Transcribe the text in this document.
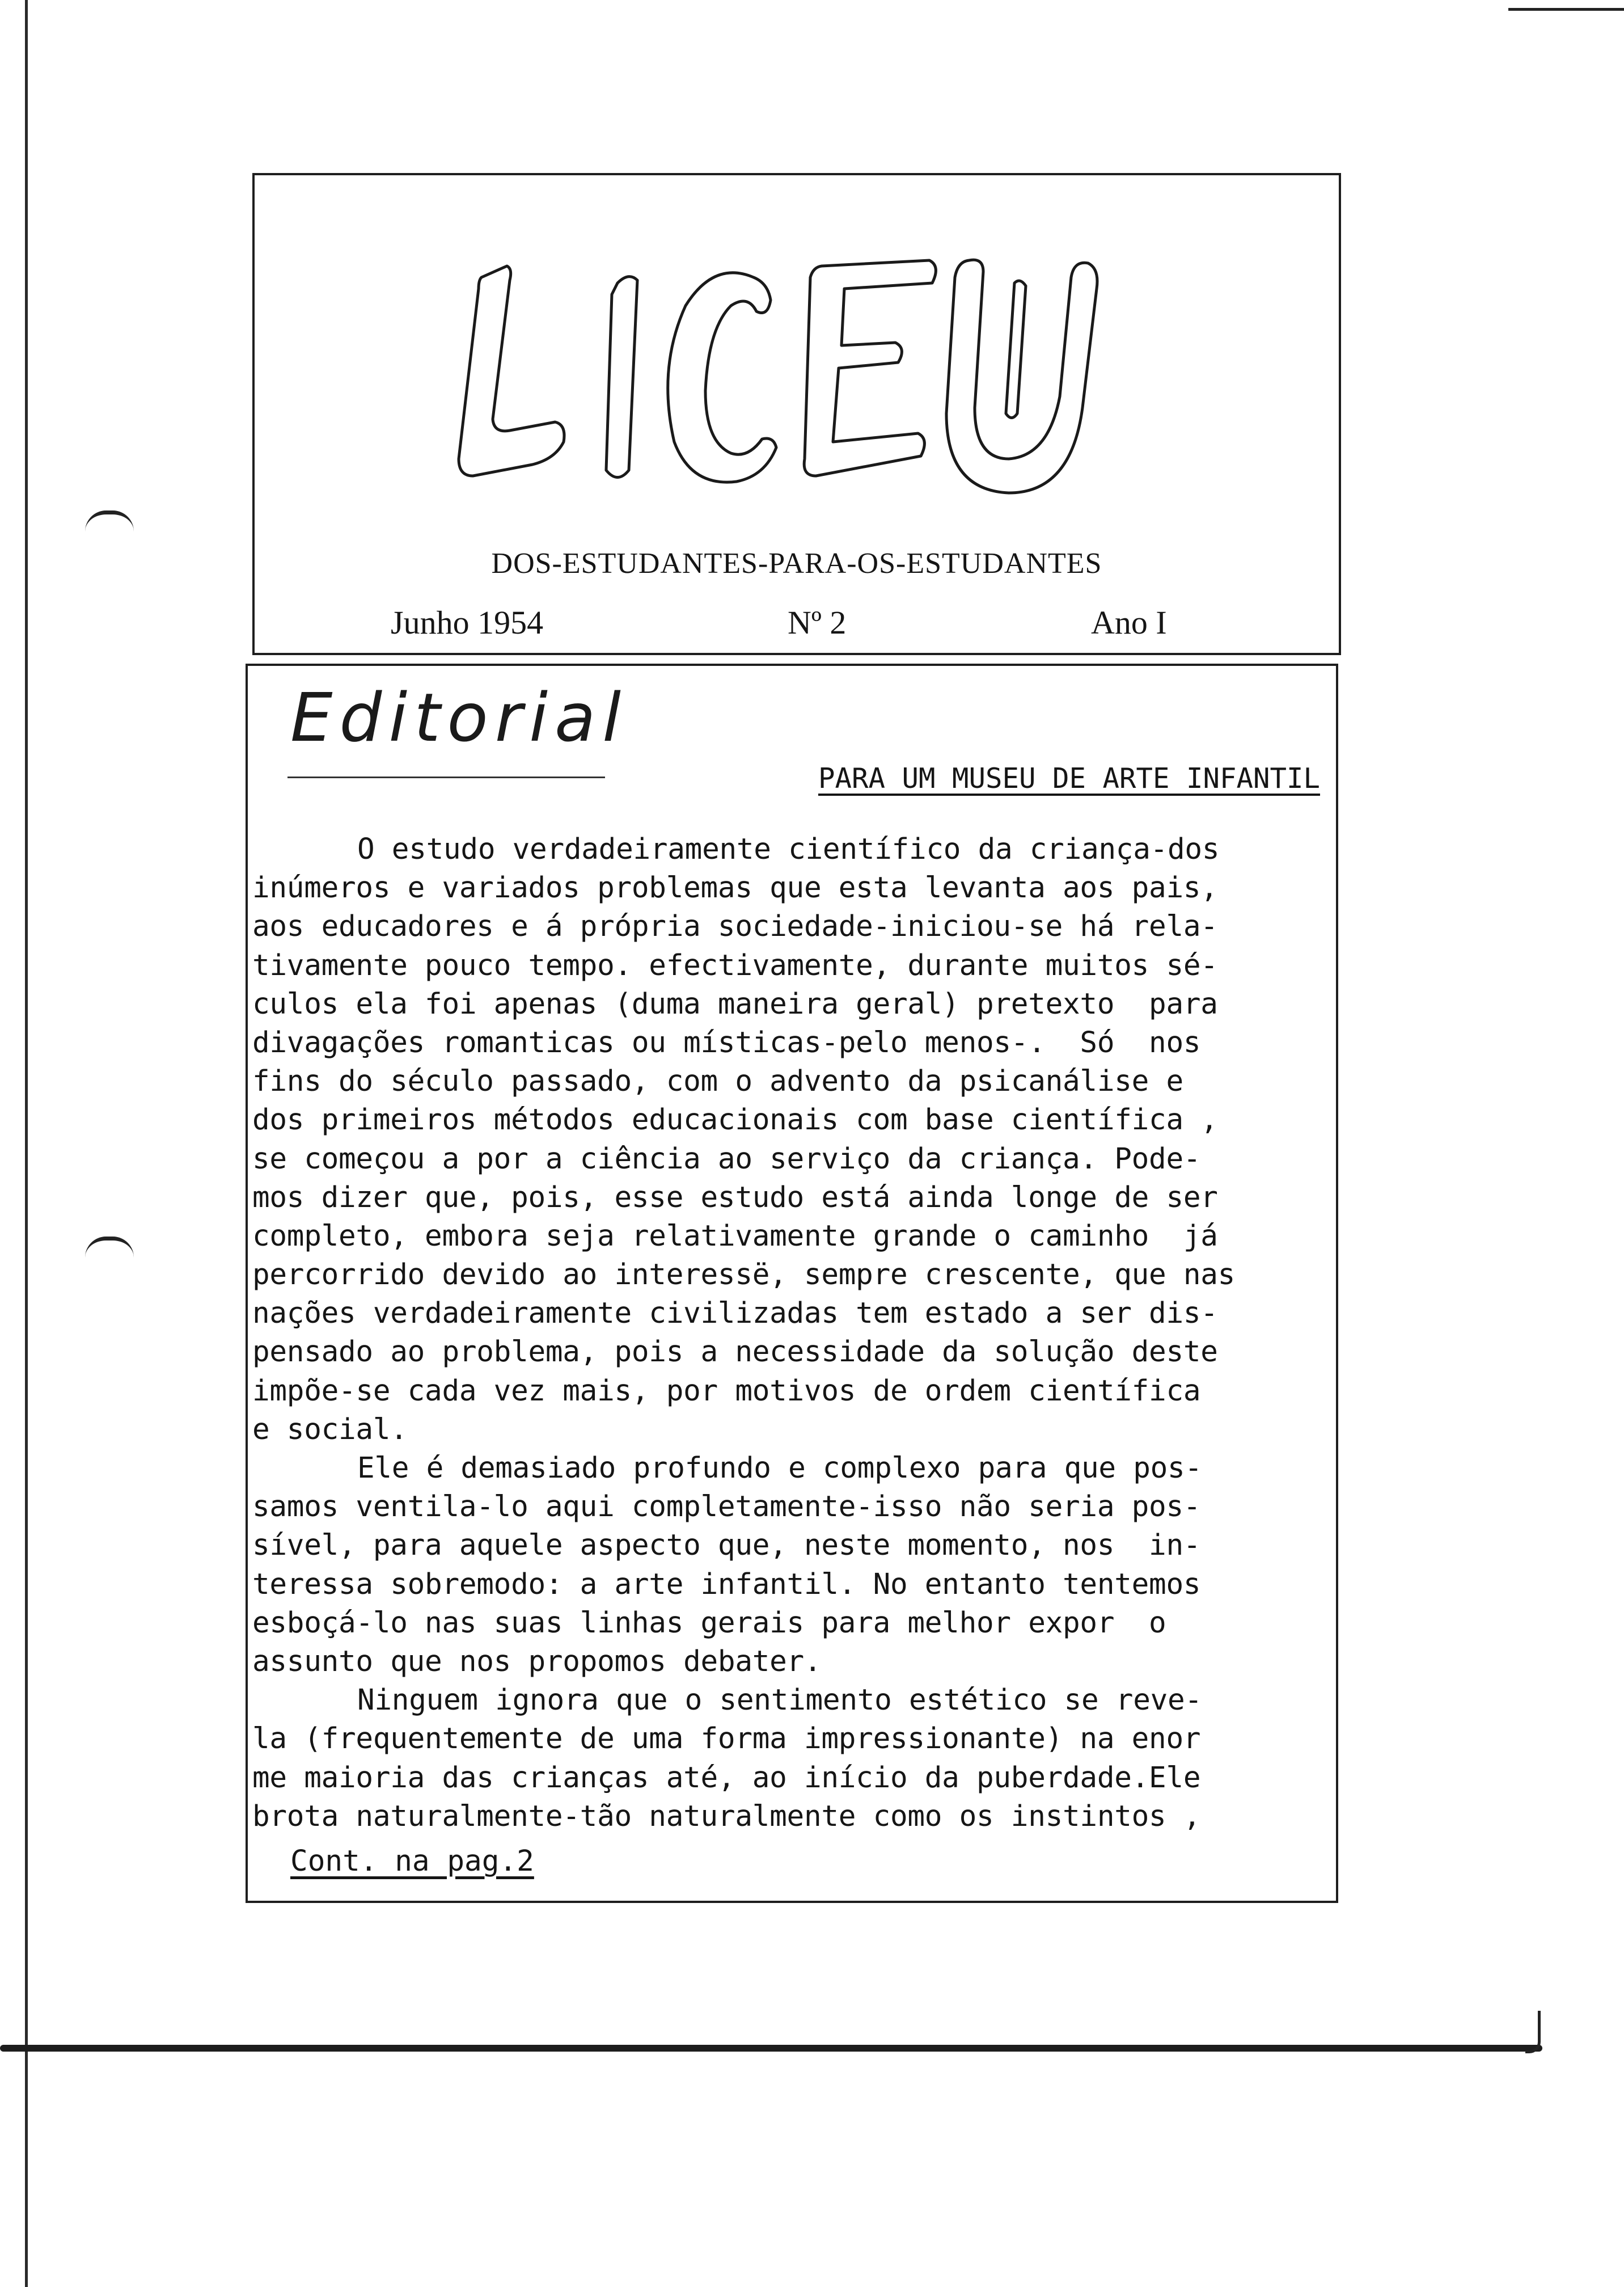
LICEU
DOS-ESTUDANTES-PARA-OS-ESTUDANTES
Junho 1954	Nº 2	Ano I
Editorial
PARA UM MUSEU DE ARTE INFANTIL
O estudo verdadeiramente científico da criança-dos
inúmeros e variados problemas que esta levanta aos pais,
aos educadores e á própria sociedade-iniciou-se há rela-
tivamente pouco tempo. efectivamente, durante muitos sé-
culos ela foi apenas (duma maneira geral) pretexto  para
divagações romanticas ou místicas-pelo menos-.  Só  nos
fins do século passado, com o advento da psicanálise e
dos primeiros métodos educacionais com base científica ,
se começou a por a ciência ao serviço da criança. Pode-
mos dizer que, pois, esse estudo está ainda longe de ser
completo, embora seja relativamente grande o caminho  já
percorrido devido ao interessë, sempre crescente, que nas
nações verdadeiramente civilizadas tem estado a ser dis-
pensado ao problema, pois a necessidade da solução deste
impõe-se cada vez mais, por motivos de ordem científica
e social.
Ele é demasiado profundo e complexo para que pos-
samos ventila-lo aqui completamente-isso não seria pos-
sível, para aquele aspecto que, neste momento, nos  in-
teressa sobremodo: a arte infantil. No entanto tentemos
esboçá-lo nas suas linhas gerais para melhor expor  o
assunto que nos propomos debater.
Ninguem ignora que o sentimento estético se reve-
la (frequentemente de uma forma impressionante) na enor
me maioria das crianças até, ao início da puberdade.Ele
brota naturalmente-tão naturalmente como os instintos ,
Cont. na pag.2
